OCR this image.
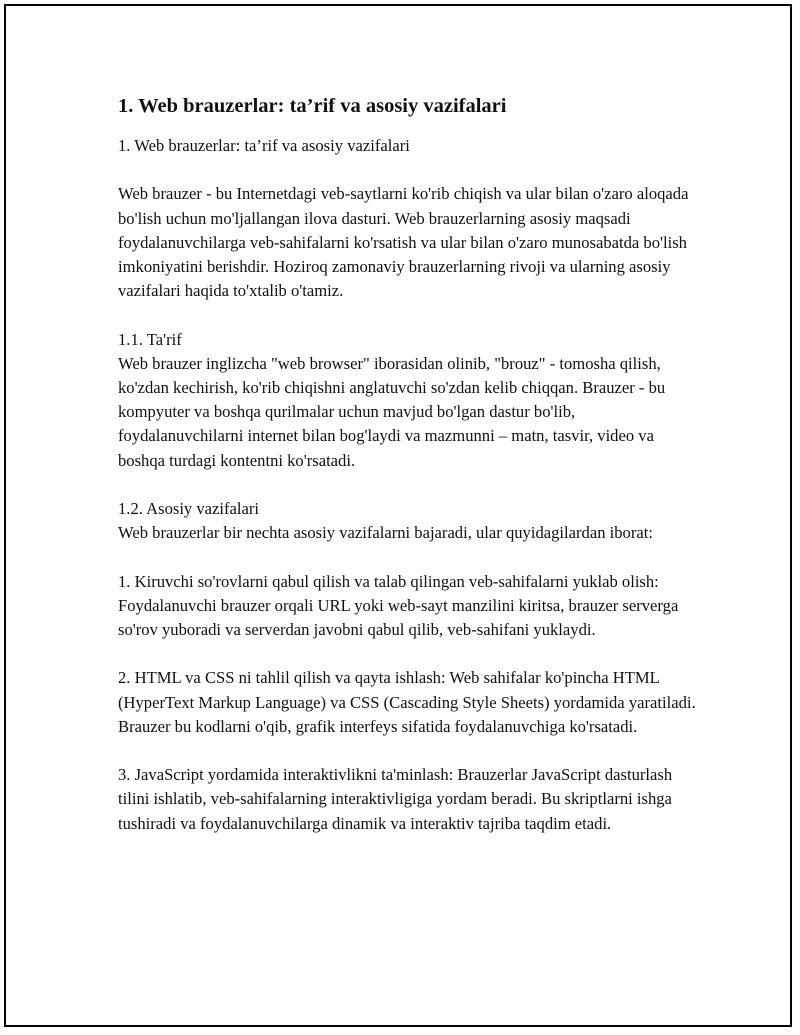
1. Web brauzerlar: ta’rif va asosiy vazifalari

1. Web brauzerlar: ta’rif va asosiy vazifalari

Web brauzer - bu Internetdagi veb-saytlarni ko'rib chiqish va ular bilan o'zaro aloqada bo'lish uchun mo'ljallangan ilova dasturi. Web brauzerlarning asosiy maqsadi foydalanuvchilarga veb-sahifalarni ko'rsatish va ular bilan o'zaro munosabatda bo'lish imkoniyatini berishdir. Hoziroq zamonaviy brauzerlarning rivoji va ularning asosiy vazifalari haqida to'xtalib o'tamiz.

1.1. Ta'rif

Web brauzer inglizcha "web browser" iborasidan olinib, "brouz" - tomosha qilish, ko'zdan kechirish, ko'rib chiqishni anglatuvchi so'zdan kelib chiqqan. Brauzer - bu kompyuter va boshqa qurilmalar uchun mavjud bo'lgan dastur bo'lib, foydalanuvchilarni internet bilan bog'laydi va mazmunni – matn, tasvir, video va boshqa turdagi kontentni ko'rsatadi.

1.2. Asosiy vazifalari

Web brauzerlar bir nechta asosiy vazifalarni bajaradi, ular quyidagilardan iborat:

1. Kiruvchi so'rovlarni qabul qilish va talab qilingan veb-sahifalarni yuklab olish: Foydalanuvchi brauzer orqali URL yoki web-sayt manzilini kiritsa, brauzer serverga so'rov yuboradi va serverdan javobni qabul qilib, veb-sahifani yuklaydi.

2. HTML va CSS ni tahlil qilish va qayta ishlash: Web sahifalar ko'pincha HTML (HyperText Markup Language) va CSS (Cascading Style Sheets) yordamida yaratiladi. Brauzer bu kodlarni o'qib, grafik interfeys sifatida foydalanuvchiga ko'rsatadi.

3. JavaScript yordamida interaktivlikni ta'minlash: Brauzerlar JavaScript dasturlash tilini ishlatib, veb-sahifalarning interaktivligiga yordam beradi. Bu skriptlarni ishga tushiradi va foydalanuvchilarga dinamik va interaktiv tajriba taqdim etadi.
